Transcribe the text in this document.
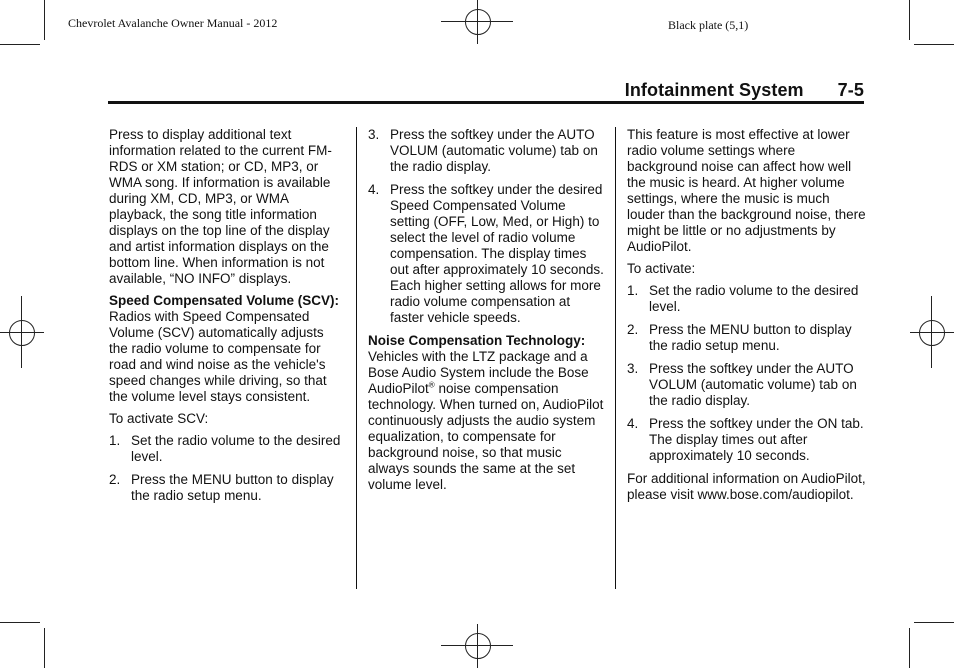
Chevrolet Avalanche Owner Manual - 2012	Black plate (5,1)
Infotainment System 7-5

Press to display additional text information related to the current FM-RDS or XM station; or CD, MP3, or WMA song. If information is available during XM, CD, MP3, or WMA playback, the song title information displays on the top line of the display and artist information displays on the bottom line. When information is not available, “NO INFO” displays.

Speed Compensated Volume (SCV):  Radios with Speed Compensated Volume (SCV) automatically adjusts the radio volume to compensate for road and wind noise as the vehicle's speed changes while driving, so that the volume level stays consistent.

To activate SCV:

1. Set the radio volume to the desired level.

2. Press the MENU button to display the radio setup menu.

3. Press the softkey under the AUTO VOLUM (automatic volume) tab on the radio display.

4. Press the softkey under the desired Speed Compensated Volume setting (OFF, Low, Med, or High) to select the level of radio volume compensation. The display times out after approximately 10 seconds. Each higher setting allows for more radio volume compensation at faster vehicle speeds.

Noise Compensation Technology:  Vehicles with the LTZ package and a Bose Audio System include the Bose AudioPilot® noise compensation technology. When turned on, AudioPilot continuously adjusts the audio system equalization, to compensate for background noise, so that music always sounds the same at the set volume level.

This feature is most effective at lower radio volume settings where background noise can affect how well the music is heard. At higher volume settings, where the music is much louder than the background noise, there might be little or no adjustments by AudioPilot.

To activate:

1. Set the radio volume to the desired level.

2. Press the MENU button to display the radio setup menu.

3. Press the softkey under the AUTO VOLUM (automatic volume) tab on the radio display.

4. Press the softkey under the ON tab. The display times out after approximately 10 seconds.

For additional information on AudioPilot, please visit www.bose.com/audiopilot.
